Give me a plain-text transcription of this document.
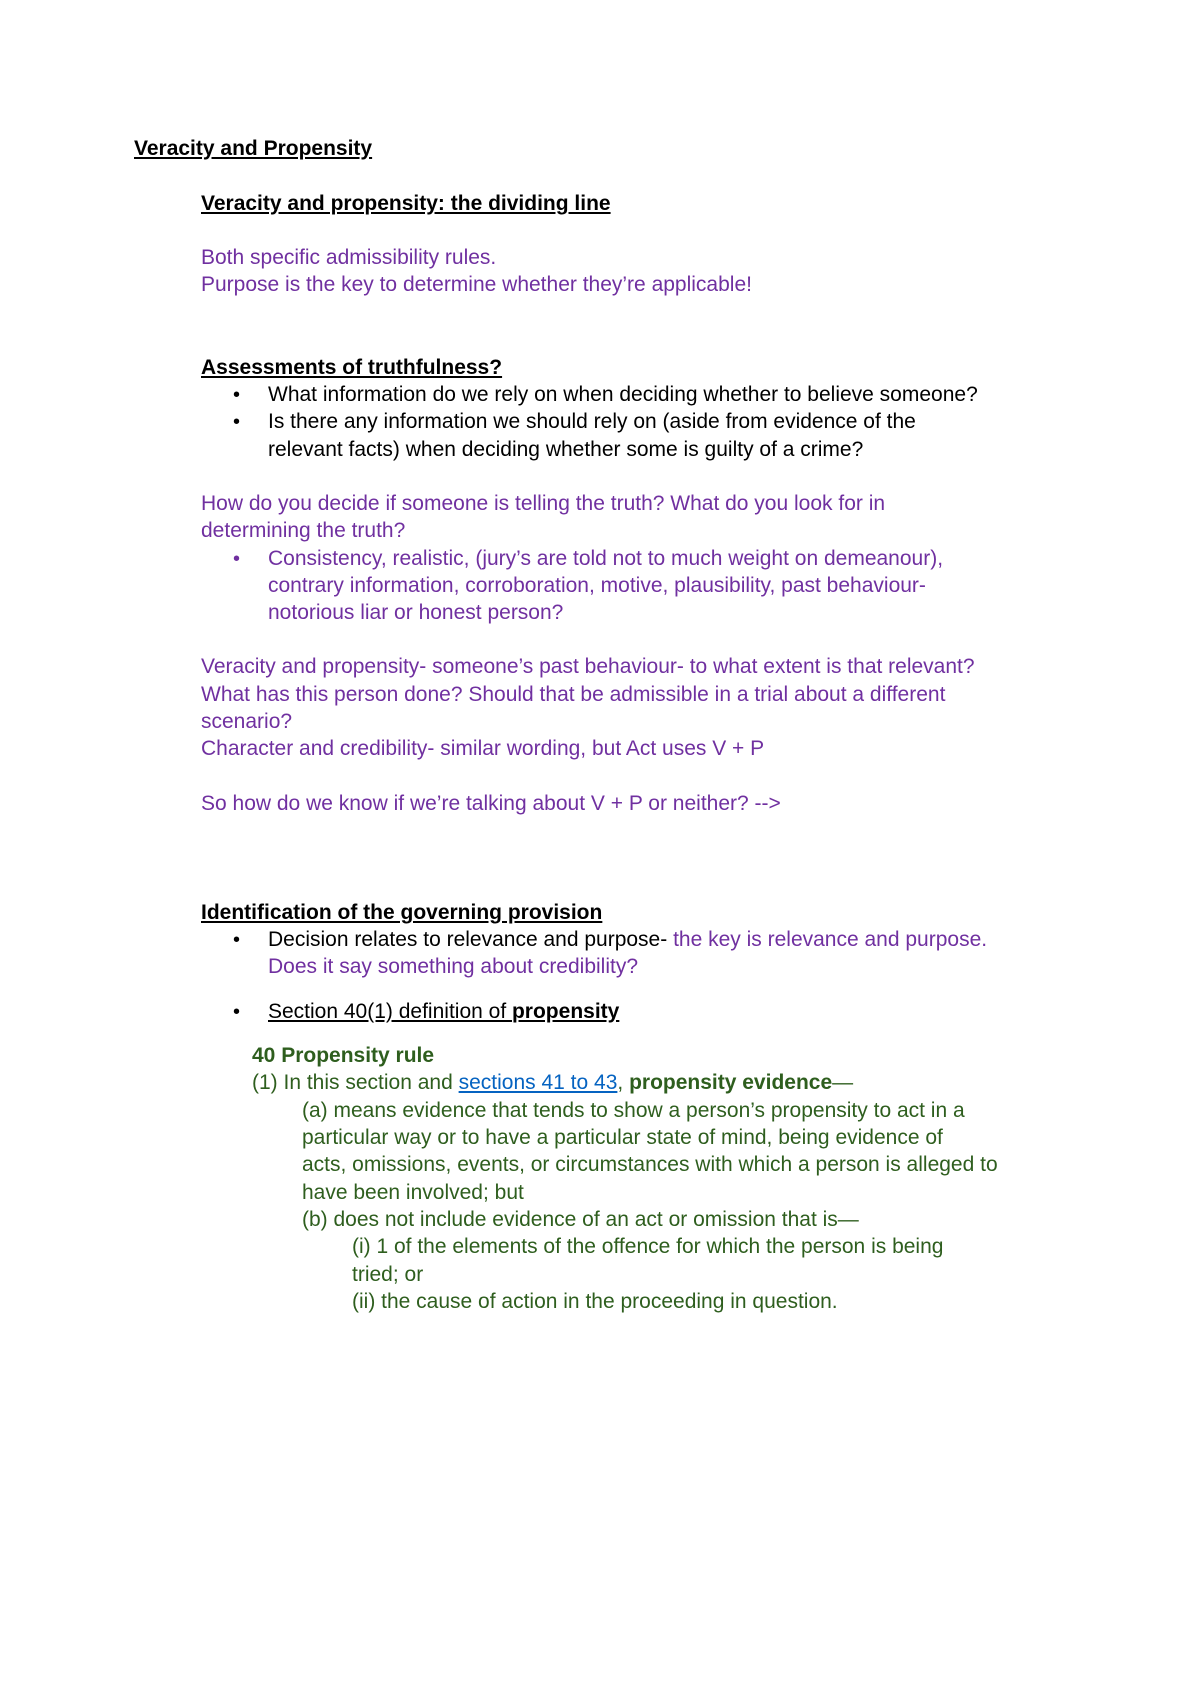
Veracity and Propensity
Veracity and propensity: the dividing line
Both specific admissibility rules.
Purpose is the key to determine whether they’re applicable!
Assessments of truthfulness?
• What information do we rely on when deciding whether to believe someone?
• Is there any information we should rely on (aside from evidence of the
relevant facts) when deciding whether some is guilty of a crime?
How do you decide if someone is telling the truth? What do you look for in
determining the truth?
• Consistency, realistic, (jury’s are told not to much weight on demeanour),
contrary information, corroboration, motive, plausibility, past behaviour-
notorious liar or honest person?
Veracity and propensity- someone’s past behaviour- to what extent is that relevant?
What has this person done? Should that be admissible in a trial about a different
scenario?
Character and credibility- similar wording, but Act uses V + P
So how do we know if we’re talking about V + P or neither? -->
Identification of the governing provision
• Decision relates to relevance and purpose- the key is relevance and purpose.
Does it say something about credibility?
• Section 40(1) definition of propensity
40 Propensity rule
(1) In this section and sections 41 to 43, propensity evidence—
(a) means evidence that tends to show a person’s propensity to act in a
particular way or to have a particular state of mind, being evidence of
acts, omissions, events, or circumstances with which a person is alleged to
have been involved; but
(b) does not include evidence of an act or omission that is—
(i) 1 of the elements of the offence for which the person is being
tried; or
(ii) the cause of action in the proceeding in question.
